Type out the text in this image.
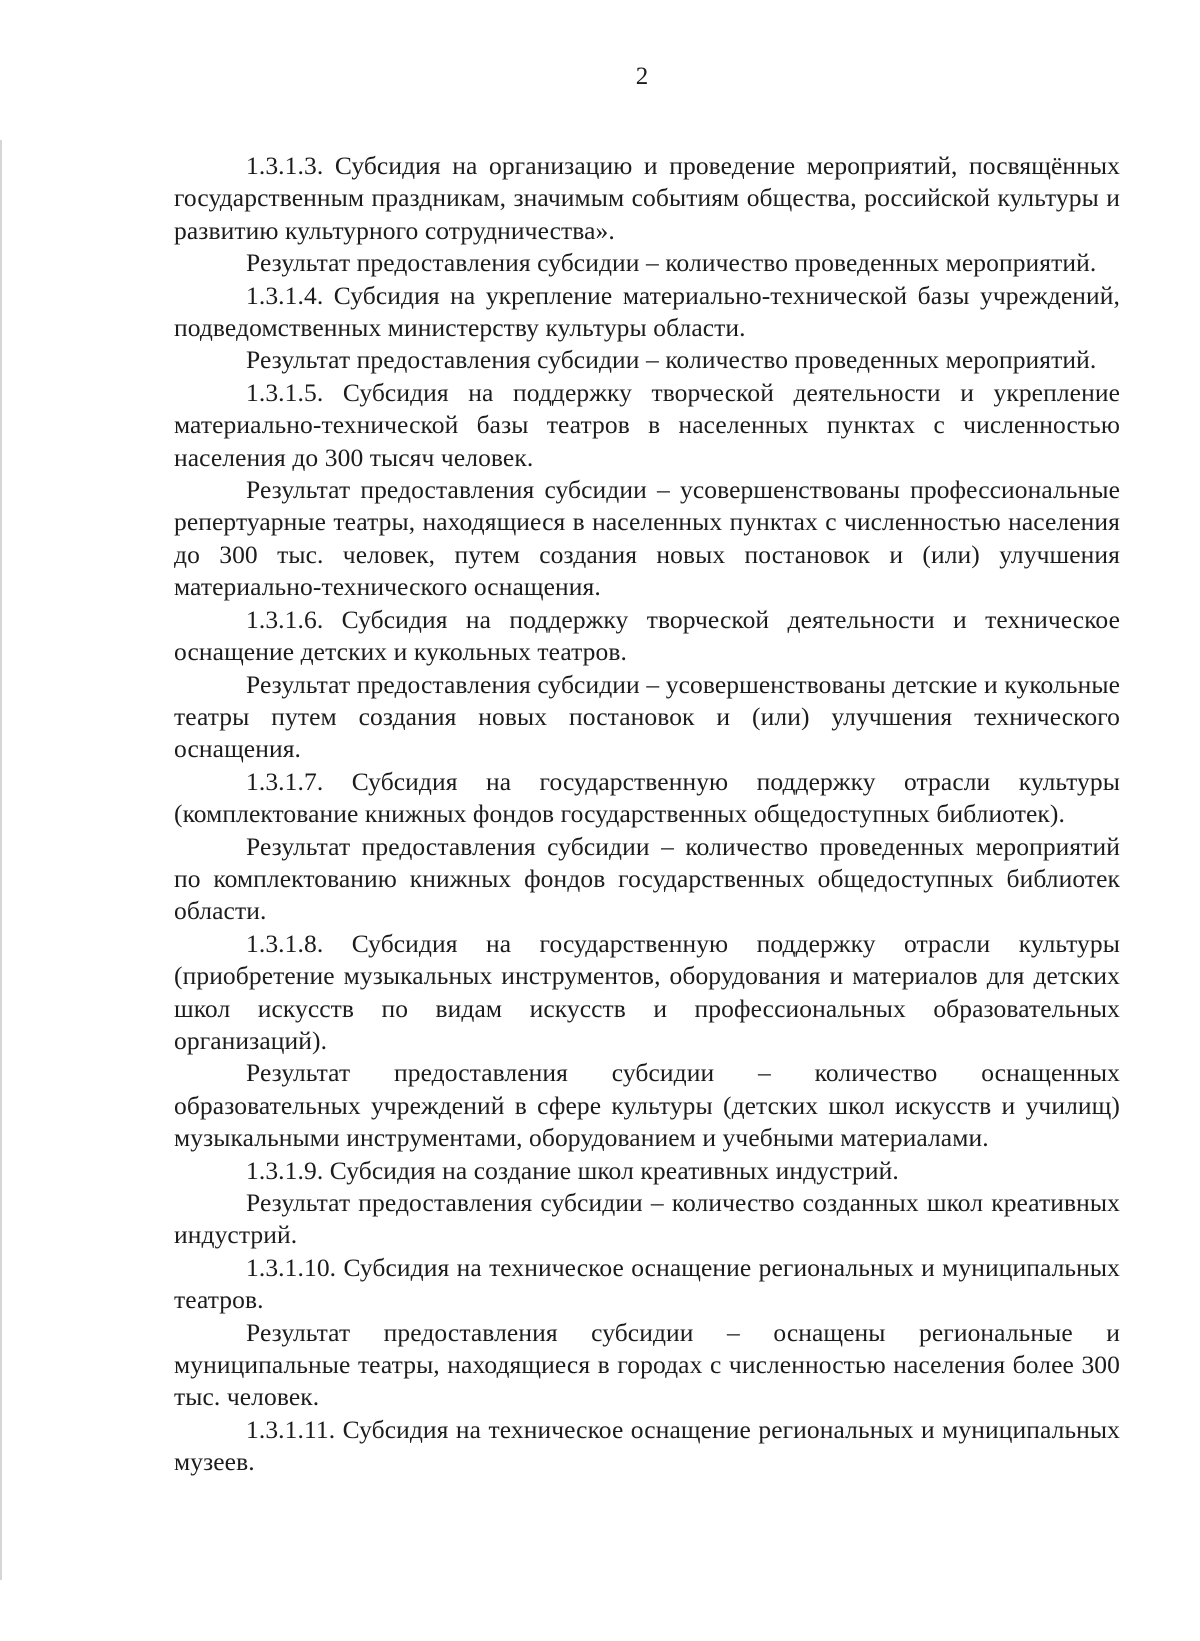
2

1.3.1.3. Субсидия на организацию и проведение мероприятий, посвящённых государственным праздникам, значимым событиям общества, российской культуры и развитию культурного сотрудничества».

Результат предоставления субсидии – количество проведенных мероприятий.

1.3.1.4. Субсидия на укрепление материально-технической базы учреждений, подведомственных министерству культуры области.

Результат предоставления субсидии – количество проведенных мероприятий.

1.3.1.5. Субсидия на поддержку творческой деятельности и укрепление материально-технической базы театров в населенных пунктах с численностью населения до 300 тысяч человек.

Результат предоставления субсидии – усовершенствованы профессиональные репертуарные театры, находящиеся в населенных пунктах с численностью населения до 300 тыс. человек, путем создания новых постановок и (или) улучшения материально-технического оснащения.

1.3.1.6. Субсидия на поддержку творческой деятельности и техническое оснащение детских и кукольных театров.

Результат предоставления субсидии – усовершенствованы детские и кукольные театры путем создания новых постановок и (или) улучшения технического оснащения.

1.3.1.7. Субсидия на государственную поддержку отрасли культуры (комплектование книжных фондов государственных общедоступных библиотек).

Результат предоставления субсидии – количество проведенных мероприятий по комплектованию книжных фондов государственных общедоступных библиотек области.

1.3.1.8. Субсидия на государственную поддержку отрасли культуры (приобретение музыкальных инструментов, оборудования и материалов для детских школ искусств по видам искусств и профессиональных образовательных организаций).

Результат предоставления субсидии – количество оснащенных образовательных учреждений в сфере культуры (детских школ искусств и училищ) музыкальными инструментами, оборудованием и учебными материалами.

1.3.1.9. Субсидия на создание школ креативных индустрий.

Результат предоставления субсидии – количество созданных школ креативных индустрий.

1.3.1.10. Субсидия на техническое оснащение региональных и муниципальных театров.

Результат предоставления субсидии – оснащены региональные и муниципальные театры, находящиеся в городах с численностью населения более 300 тыс. человек.

1.3.1.11. Субсидия на техническое оснащение региональных и муниципальных музеев.
